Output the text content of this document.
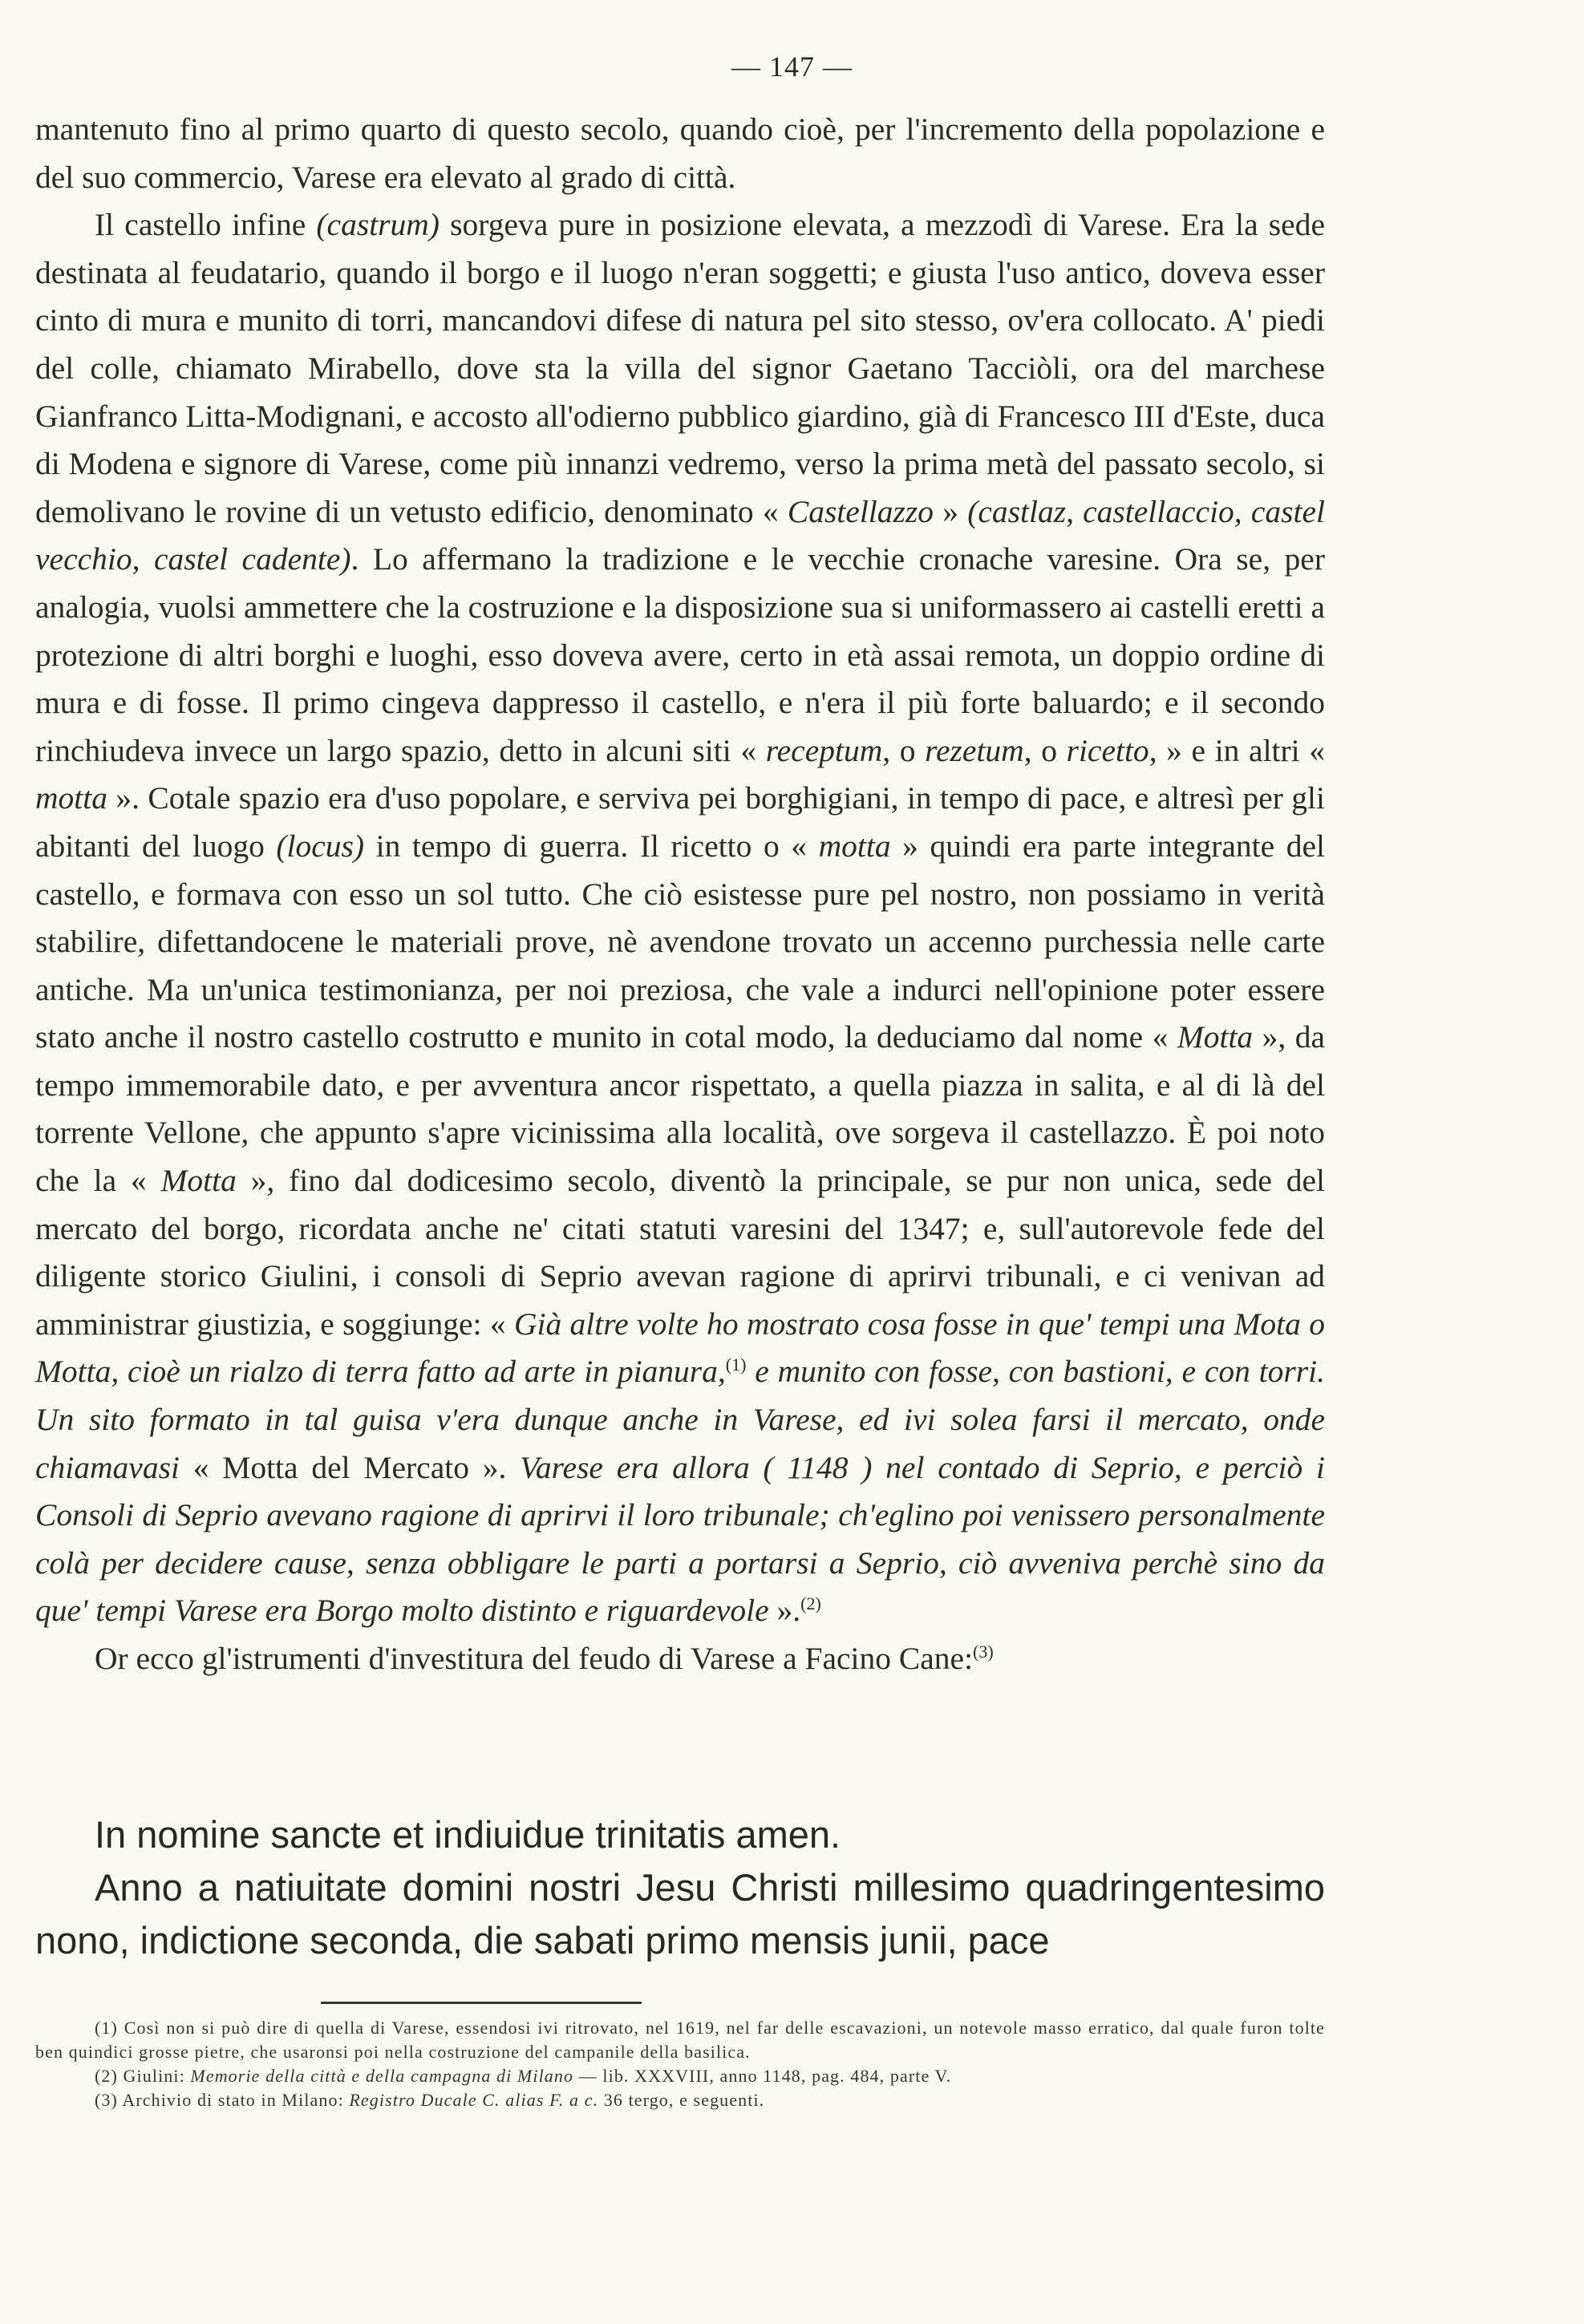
— 147 —

mantenuto fino al primo quarto di questo secolo, quando cioè, per l'incremento della popolazione e del suo commercio, Varese era elevato al grado di città.

Il castello infine (castrum) sorgeva pure in posizione elevata, a mezzodì di Varese. Era la sede destinata al feudatario, quando il borgo e il luogo n'eran soggetti; e giusta l'uso antico, doveva esser cinto di mura e munito di torri, mancandovi difese di natura pel sito stesso, ov'era collocato. A' piedi del colle, chiamato Mirabello, dove sta la villa del signor Gaetano Tacciòli, ora del marchese Gianfranco Litta-Modignani, e accosto all'odierno pubblico giardino, già di Francesco III d'Este, duca di Modena e signore di Varese, come più innanzi vedremo, verso la prima metà del passato secolo, si demolivano le rovine di un vetusto edificio, denominato « Castellazzo » (castlaz, castellaccio, castel vecchio, castel cadente). Lo affermano la tradizione e le vecchie cronache varesine. Ora se, per analogia, vuolsi ammettere che la costruzione e la disposizione sua si uniformassero ai castelli eretti a protezione di altri borghi e luoghi, esso doveva avere, certo in età assai remota, un doppio ordine di mura e di fosse. Il primo cingeva dappresso il castello, e n'era il più forte baluardo; e il secondo rinchiudeva invece un largo spazio, detto in alcuni siti « receptum, o rezetum, o ricetto, » e in altri « motta ». Cotale spazio era d'uso popolare, e serviva pei borghigiani, in tempo di pace, e altresì per gli abitanti del luogo (locus) in tempo di guerra. Il ricetto o « motta » quindi era parte integrante del castello, e formava con esso un sol tutto. Che ciò esistesse pure pel nostro, non possiamo in verità stabilire, difettandocene le materiali prove, nè avendone trovato un accenno purchessia nelle carte antiche. Ma un'unica testimonianza, per noi preziosa, che vale a indurci nell'opinione poter essere stato anche il nostro castello costrutto e munito in cotal modo, la deduciamo dal nome « Motta », da tempo immemorabile dato, e per avventura ancor rispettato, a quella piazza in salita, e al di là del torrente Vellone, che appunto s'apre vicinissima alla località, ove sorgeva il castellazzo. È poi noto che la « Motta », fino dal dodicesimo secolo, diventò la principale, se pur non unica, sede del mercato del borgo, ricordata anche ne' citati statuti varesini del 1347; e, sull'autorevole fede del diligente storico Giulini, i consoli di Seprio avevan ragione di aprirvi tribunali, e ci venivan ad amministrar giustizia, e soggiunge: « Già altre volte ho mostrato cosa fosse in que' tempi una Mota o Motta, cioè un rialzo di terra fatto ad arte in pianura,$^{(1)}$ e munito con fosse, con bastioni, e con torri. Un sito formato in tal guisa v'era dunque anche in Varese, ed ivi solea farsi il mercato, onde chiamavasi « Motta del Mercato ». Varese era allora ( 1148 ) nel contado di Seprio, e perciò i Consoli di Seprio avevano ragione di aprirvi il loro tribunale; ch'eglino poi venissero personalmente colà per decidere cause, senza obbligare le parti a portarsi a Seprio, ciò avveniva perchè sino da que' tempi Varese era Borgo molto distinto e riguardevole ».$^{(2)}$

Or ecco gl'istrumenti d'investitura del feudo di Varese a Facino Cane:$^{(3)}$

In nomine sancte et indiuidue trinitatis amen.

Anno a natiuitate domini nostri Jesu Christi millesimo quadringentesimo nono, indictione seconda, die sabati primo mensis junii, pace

(1) Così non si può dire di quella di Varese, essendosi ivi ritrovato, nel 1619, nel far delle escavazioni, un notevole masso erratico, dal quale furon tolte ben quindici grosse pietre, che usaronsi poi nella costruzione del campanile della basilica.

(2) Giulini: Memorie della città e della campagna di Milano — lib. XXXVIII, anno 1148, pag. 484, parte V.

(3) Archivio di stato in Milano: Registro Ducale C. alias F. a c. 36 tergo, e seguenti.
